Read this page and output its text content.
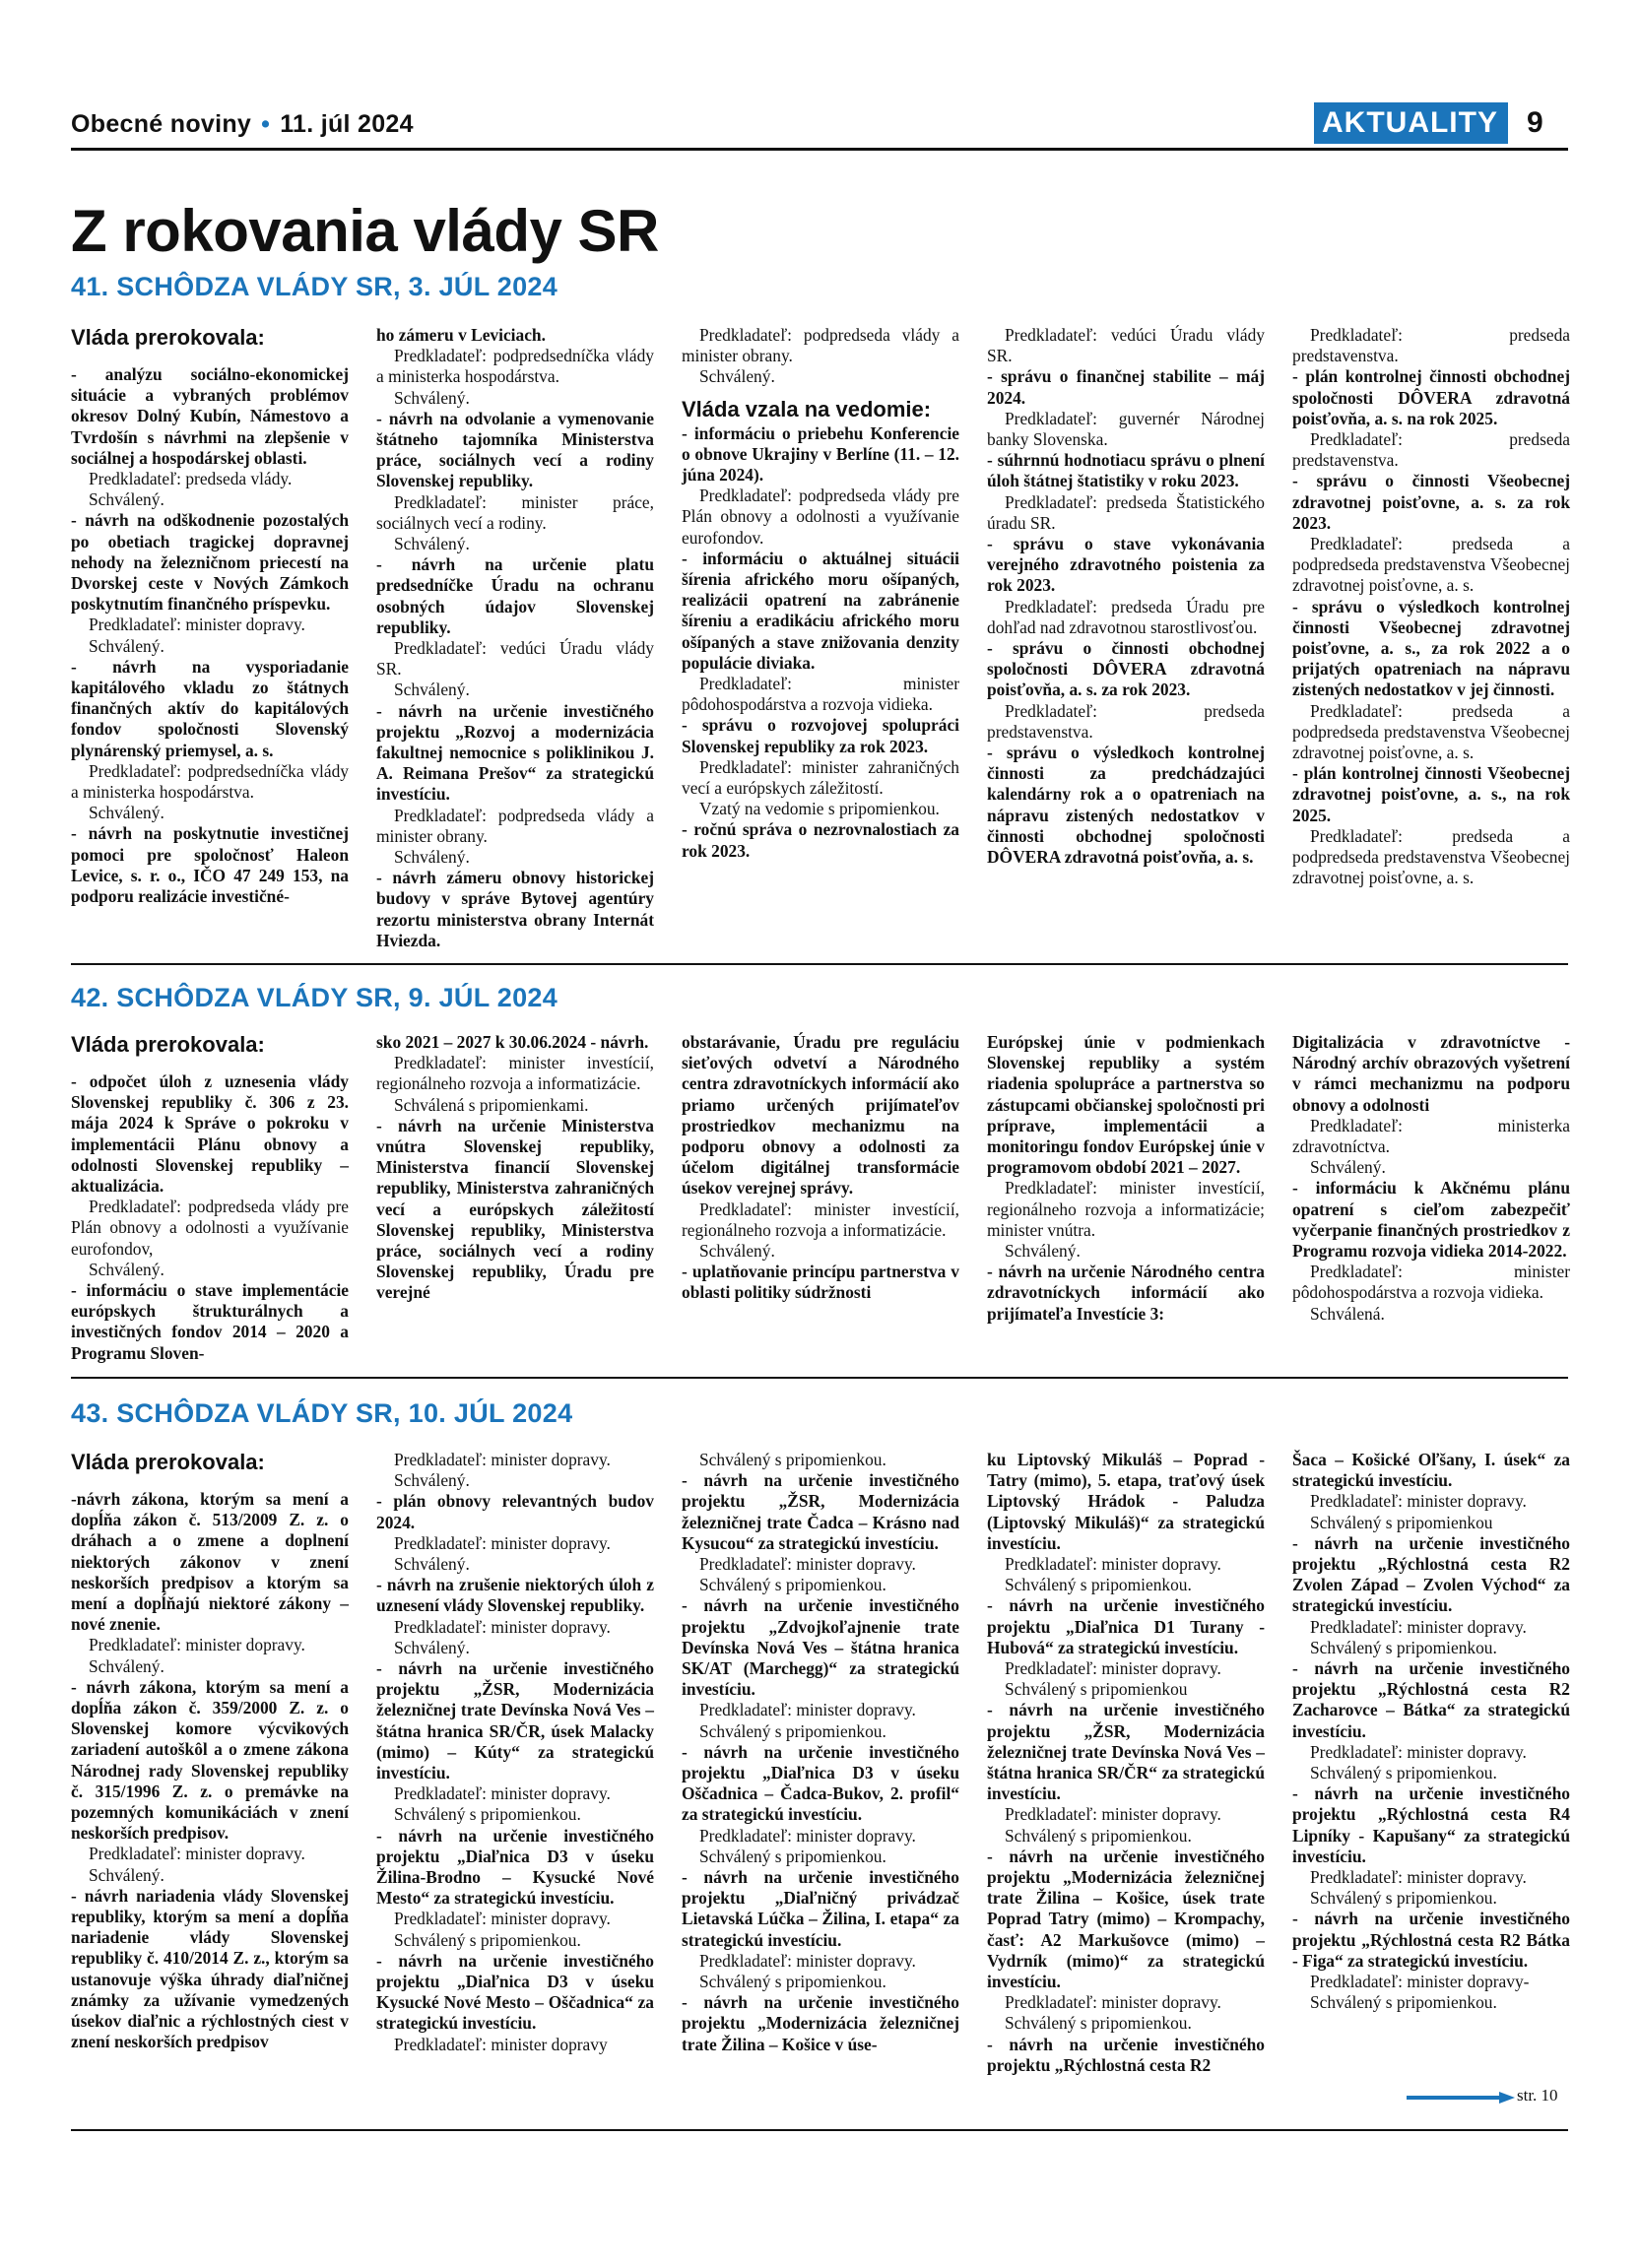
Obecné noviny • 11. júl 2024	AKTUALITY 9
Z rokovania vlády SR
41. SCHÔDZA VLÁDY SR, 3. JÚL 2024

Vláda prerokovala:

- analýzu sociálno-ekonomickej situácie a vybraných problémov okresov Dolný Kubín, Námestovo a Tvrdošín s návrhmi na zlepšenie v sociálnej a hospodárskej oblasti.

Predkladateľ: predseda vlády.

Schválený.

- návrh na odškodnenie pozostalých po obetiach tragickej dopravnej nehody na železničnom priecestí na Dvorskej ceste v Nových Zámkoch poskytnutím finančného príspevku.

Predkladateľ: minister dopravy.

Schválený.

- návrh na vysporiadanie kapitálového vkladu zo štátnych finančných aktív do kapitálových fondov spoločnosti Slovenský plynárenský priemysel, a. s.

Predkladateľ: podpredsedníčka vlády a ministerka hospodárstva.

Schválený.

- návrh na poskytnutie investičnej pomoci pre spoločnosť Haleon Levice, s. r. o., IČO 47 249 153, na podporu realizácie investičné-

ho zámeru v Leviciach.

Predkladateľ: podpredsedníčka vlády a ministerka hospodárstva.

Schválený.

- návrh na odvolanie a vymenovanie štátneho tajomníka Ministerstva práce, sociálnych vecí a rodiny Slovenskej republiky.

Predkladateľ: minister práce, sociálnych vecí a rodiny.

Schválený.

- návrh na určenie platu predsedníčke Úradu na ochranu osobných údajov Slovenskej republiky.

Predkladateľ: vedúci Úradu vlády SR.

Schválený.

- návrh na určenie investičného projektu „Rozvoj a modernizácia fakultnej nemocnice s poliklinikou J. A. Reimana Prešov“ za strategickú investíciu.

Predkladateľ: podpredseda vlády a minister obrany.

Schválený.

- návrh zámeru obnovy historickej budovy v správe Bytovej agentúry rezortu ministerstva obrany Internát Hviezda.

Predkladateľ: podpredseda vlády a minister obrany.

Schválený.

Vláda vzala na vedomie:

- informáciu o priebehu Konferencie o obnove Ukrajiny v Berlíne (11. – 12. júna 2024).

Predkladateľ: podpredseda vlády pre Plán obnovy a odolnosti a využívanie eurofondov.

- informáciu o aktuálnej situácii šírenia afrického moru ošípaných, realizácii opatrení na zabránenie šíreniu a eradikáciu afrického moru ošípaných a stave znižovania denzity populácie diviaka.

Predkladateľ: minister pôdohospodárstva a rozvoja vidieka.

- správu o rozvojovej spolupráci Slovenskej republiky za rok 2023.

Predkladateľ: minister zahraničných vecí a európskych záležitostí.

Vzatý na vedomie s pripomienkou.

- ročnú správa o nezrovnalostiach za rok 2023.

Predkladateľ: vedúci Úradu vlády SR.

- správu o finančnej stabilite – máj 2024.

Predkladateľ: guvernér Národnej banky Slovenska.

- súhrnnú hodnotiacu správu o plnení úloh štátnej štatistiky v roku 2023.

Predkladateľ: predseda Štatistického úradu SR.

- správu o stave vykonávania verejného zdravotného poistenia za rok 2023.

Predkladateľ: predseda Úradu pre dohľad nad zdravotnou starostlivosťou.

- správu o činnosti obchodnej spoločnosti DÔVERA zdravotná poisťovňa, a. s. za rok 2023.

Predkladateľ: predseda predstavenstva.

- správu o výsledkoch kontrolnej činnosti za predchádzajúci kalendárny rok a o opatreniach na nápravu zistených nedostatkov v činnosti obchodnej spoločnosti DÔVERA zdravotná poisťovňa, a. s.

Predkladateľ: predseda predstavenstva.

- plán kontrolnej činnosti obchodnej spoločnosti DÔVERA zdravotná poisťovňa, a. s. na rok 2025.

Predkladateľ: predseda predstavenstva.

- správu o činnosti Všeobecnej zdravotnej poisťovne, a. s. za rok 2023.

Predkladateľ: predseda a podpredseda predstavenstva Všeobecnej zdravotnej poisťovne, a. s.

- správu o výsledkoch kontrolnej činnosti Všeobecnej zdravotnej poisťovne, a. s., za rok 2022 a o prijatých opatreniach na nápravu zistených nedostatkov v jej činnosti.

Predkladateľ: predseda a podpredseda predstavenstva Všeobecnej zdravotnej poisťovne, a. s.

- plán kontrolnej činnosti Všeobecnej zdravotnej poisťovne, a. s., na rok 2025.

Predkladateľ: predseda a podpredseda predstavenstva Všeobecnej zdravotnej poisťovne, a. s.

42. SCHÔDZA VLÁDY SR, 9. JÚL 2024

Vláda prerokovala:

- odpočet úloh z uznesenia vlády Slovenskej republiky č. 306 z 23. mája 2024 k Správe o pokroku v implementácii Plánu obnovy a odolnosti Slovenskej republiky – aktualizácia.

Predkladateľ: podpredseda vlády pre Plán obnovy a odolnosti a využívanie eurofondov,

Schválený.

- informáciu o stave implementácie európskych štrukturálnych a investičných fondov 2014 – 2020 a Programu Sloven-

sko 2021 – 2027 k 30.06.2024 - návrh.

Predkladateľ: minister investícií, regionálneho rozvoja a informatizácie.

Schválená s pripomienkami.

- návrh na určenie Ministerstva vnútra Slovenskej republiky, Ministerstva financií Slovenskej republiky, Ministerstva zahraničných vecí a európskych záležitostí Slovenskej republiky, Ministerstva práce, sociálnych vecí a rodiny Slovenskej republiky, Úradu pre verejné

obstarávanie, Úradu pre reguláciu sieťových odvetví a Národného centra zdravotníckych informácií ako priamo určených prijímateľov prostriedkov mechanizmu na podporu obnovy a odolnosti za účelom digitálnej transformácie úsekov verejnej správy.

Predkladateľ: minister investícií, regionálneho rozvoja a informatizácie.

Schválený.

- uplatňovanie princípu partnerstva v oblasti politiky súdržnosti

Európskej únie v podmienkach Slovenskej republiky a systém riadenia spolupráce a partnerstva so zástupcami občianskej spoločnosti pri príprave, implementácii a monitoringu fondov Európskej únie v programovom období 2021 – 2027.

Predkladateľ: minister investícií, regionálneho rozvoja a informatizácie; minister vnútra.

Schválený.

- návrh na určenie Národného centra zdravotníckych informácií ako prijímateľa Investície 3:

Digitalizácia v zdravotníctve - Národný archív obrazových vyšetrení v rámci mechanizmu na podporu obnovy a odolnosti

Predkladateľ: ministerka zdravotníctva.

Schválený.

- informáciu k Akčnému plánu opatrení s cieľom zabezpečiť vyčerpanie finančných prostriedkov z Programu rozvoja vidieka 2014-2022.

Predkladateľ: minister pôdohospodárstva a rozvoja vidieka.

Schválená.

43. SCHÔDZA VLÁDY SR, 10. JÚL 2024

Vláda prerokovala:

-návrh zákona, ktorým sa mení a dopĺňa zákon č. 513/2009 Z. z. o dráhach a o zmene a doplnení niektorých zákonov v znení neskorších predpisov a ktorým sa mení a dopĺňajú niektoré zákony – nové znenie.

Predkladateľ: minister dopravy.

Schválený.

- návrh zákona, ktorým sa mení a dopĺňa zákon č. 359/2000 Z. z. o Slovenskej komore výcvikových zariadení autoškôl a o zmene zákona Národnej rady Slovenskej republiky č. 315/1996 Z. z. o premávke na pozemných komunikáciách v znení neskorších predpisov.

Predkladateľ: minister dopravy.

Schválený.

- návrh nariadenia vlády Slovenskej republiky, ktorým sa mení a dopĺňa nariadenie vlády Slovenskej republiky č. 410/2014 Z. z., ktorým sa ustanovuje výška úhrady diaľničnej známky za užívanie vymedzených úsekov diaľnic a rýchlostných ciest v znení neskorších predpisov

Predkladateľ: minister dopravy.

Schválený.

- plán obnovy relevantných budov 2024.

Predkladateľ: minister dopravy.

Schválený.

- návrh na zrušenie niektorých úloh z uznesení vlády Slovenskej republiky.

Predkladateľ: minister dopravy.

Schválený.

- návrh na určenie investičného projektu „ŽSR, Modernizácia železničnej trate Devínska Nová Ves – štátna hranica SR/ČR, úsek Malacky (mimo) – Kúty“ za strategickú investíciu.

Predkladateľ: minister dopravy.

Schválený s pripomienkou.

- návrh na určenie investičného projektu „Diaľnica D3 v úseku Žilina-Brodno – Kysucké Nové Mesto“ za strategickú investíciu.

Predkladateľ: minister dopravy.

Schválený s pripomienkou.

- návrh na určenie investičného projektu „Diaľnica D3 v úseku Kysucké Nové Mesto – Oščadnica“ za strategickú investíciu.

Predkladateľ: minister dopravy

Schválený s pripomienkou.

- návrh na určenie investičného projektu „ŽSR, Modernizácia železničnej trate Čadca – Krásno nad Kysucou“ za strategickú investíciu.

Predkladateľ: minister dopravy.

Schválený s pripomienkou.

- návrh na určenie investičného projektu „Zdvojkoľajnenie trate Devínska Nová Ves – štátna hranica SK/AT (Marchegg)“ za strategickú investíciu.

Predkladateľ: minister dopravy.

Schválený s pripomienkou.

- návrh na určenie investičného projektu „Diaľnica D3 v úseku Oščadnica – Čadca-Bukov, 2. profil“ za strategickú investíciu.

Predkladateľ: minister dopravy.

Schválený s pripomienkou.

- návrh na určenie investičného projektu „Diaľničný privádzač Lietavská Lúčka – Žilina, I. etapa“ za strategickú investíciu.

Predkladateľ: minister dopravy.

Schválený s pripomienkou.

- návrh na určenie investičného projektu „Modernizácia železničnej trate Žilina – Košice v úse-

ku Liptovský Mikuláš – Poprad - Tatry (mimo), 5. etapa, traťový úsek Liptovský Hrádok - Paludza (Liptovský Mikuláš)“ za strategickú investíciu.

Predkladateľ: minister dopravy.

Schválený s pripomienkou.

- návrh na určenie investičného projektu „Diaľnica D1 Turany - Hubová“ za strategickú investíciu.

Predkladateľ: minister dopravy.

Schválený s pripomienkou

- návrh na určenie investičného projektu „ŽSR, Modernizácia železničnej trate Devínska Nová Ves – štátna hranica SR/ČR“ za strategickú investíciu.

Predkladateľ: minister dopravy.

Schválený s pripomienkou.

- návrh na určenie investičného projektu „Modernizácia železničnej trate Žilina – Košice, úsek trate Poprad Tatry (mimo) – Krompachy, časť: A2 Markušovce (mimo) – Vydrník (mimo)“ za strategickú investíciu.

Predkladateľ: minister dopravy.

Schválený s pripomienkou.

- návrh na určenie investičného projektu „Rýchlostná cesta R2

Šaca – Košické Oľšany, I. úsek“ za strategickú investíciu.

Predkladateľ: minister dopravy.

Schválený s pripomienkou

- návrh na určenie investičného projektu „Rýchlostná cesta R2 Zvolen Západ – Zvolen Východ“ za strategickú investíciu.

Predkladateľ: minister dopravy.

Schválený s pripomienkou.

- návrh na určenie investičného projektu „Rýchlostná cesta R2 Zacharovce – Bátka“ za strategickú investíciu.

Predkladateľ: minister dopravy.

Schválený s pripomienkou.

- návrh na určenie investičného projektu „Rýchlostná cesta R4 Lipníky - Kapušany“ za strategickú investíciu.

Predkladateľ: minister dopravy.

Schválený s pripomienkou.

- návrh na určenie investičného projektu „Rýchlostná cesta R2 Bátka - Figa“ za strategickú investíciu.

Predkladateľ: minister dopravy-

Schválený s pripomienkou.

str. 10
